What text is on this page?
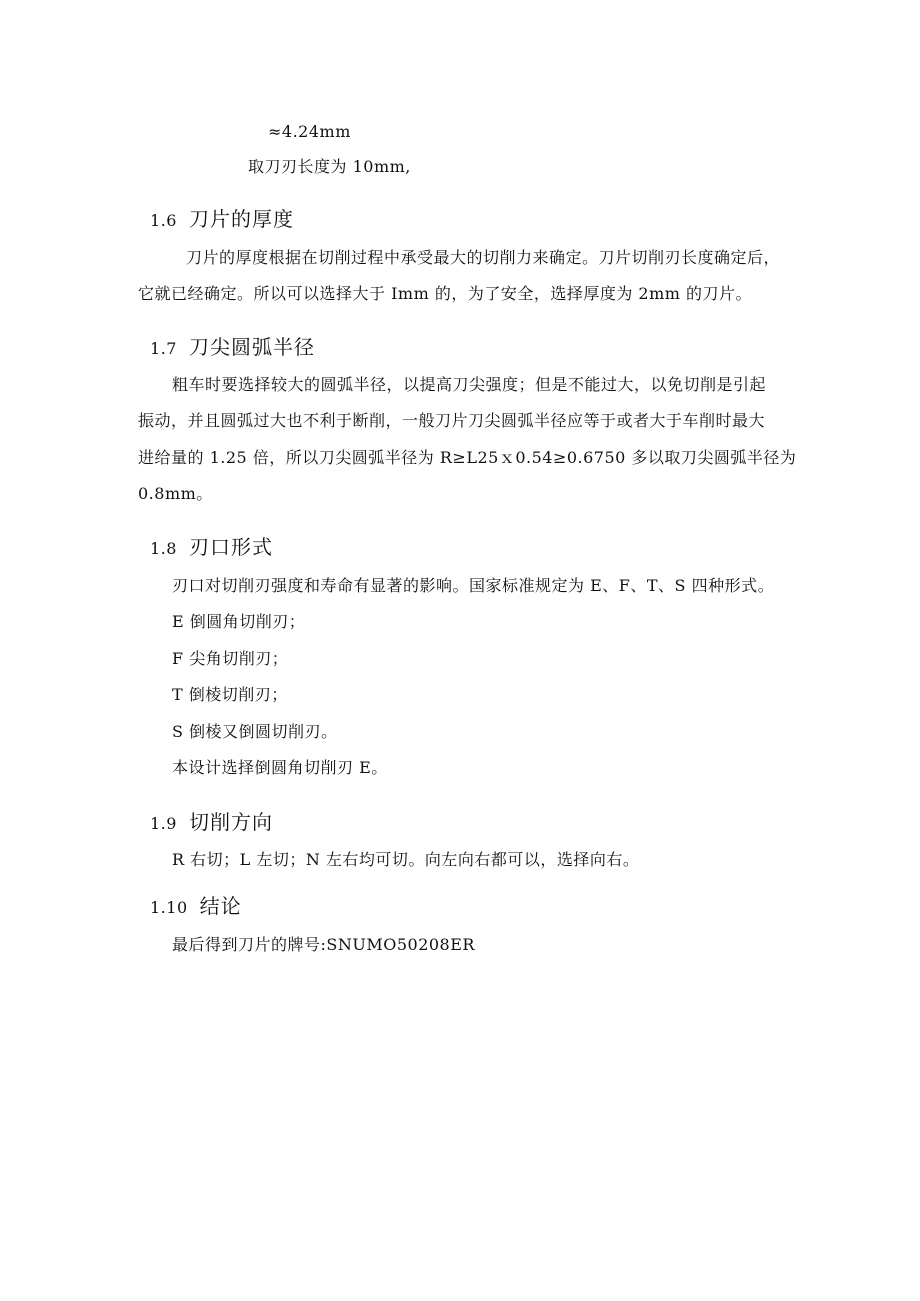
≈4.24mm
取刀刃长度为 10mm,
1.6 刀片的厚度
刀片的厚度根据在切削过程中承受最大的切削力来确定。刀片切削刃长度确定后，
它就已经确定。所以可以选择大于 Imm 的，为了安全，选择厚度为 2mm 的刀片。
1.7 刀尖圆弧半径
粗车时要选择较大的圆弧半径，以提高刀尖强度；但是不能过大，以免切削是引起
振动，并且圆弧过大也不利于断削，一般刀片刀尖圆弧半径应等于或者大于车削时最大
进给量的 1.25 倍，所以刀尖圆弧半径为 R≥L25ｘ0.54≥0.6750 多以取刀尖圆弧半径为
0.8mm。
1.8 刃口形式
刃口对切削刃强度和寿命有显著的影响。国家标准规定为 E、F、T、S 四种形式。
E 倒圆角切削刃；
F 尖角切削刃；
T 倒棱切削刃；
S 倒棱又倒圆切削刃。
本设计选择倒圆角切削刃 E。
1.9 切削方向
R 右切；L 左切；N 左右均可切。向左向右都可以，选择向右。
1.10 结论
最后得到刀片的牌号:SNUMO50208ER
